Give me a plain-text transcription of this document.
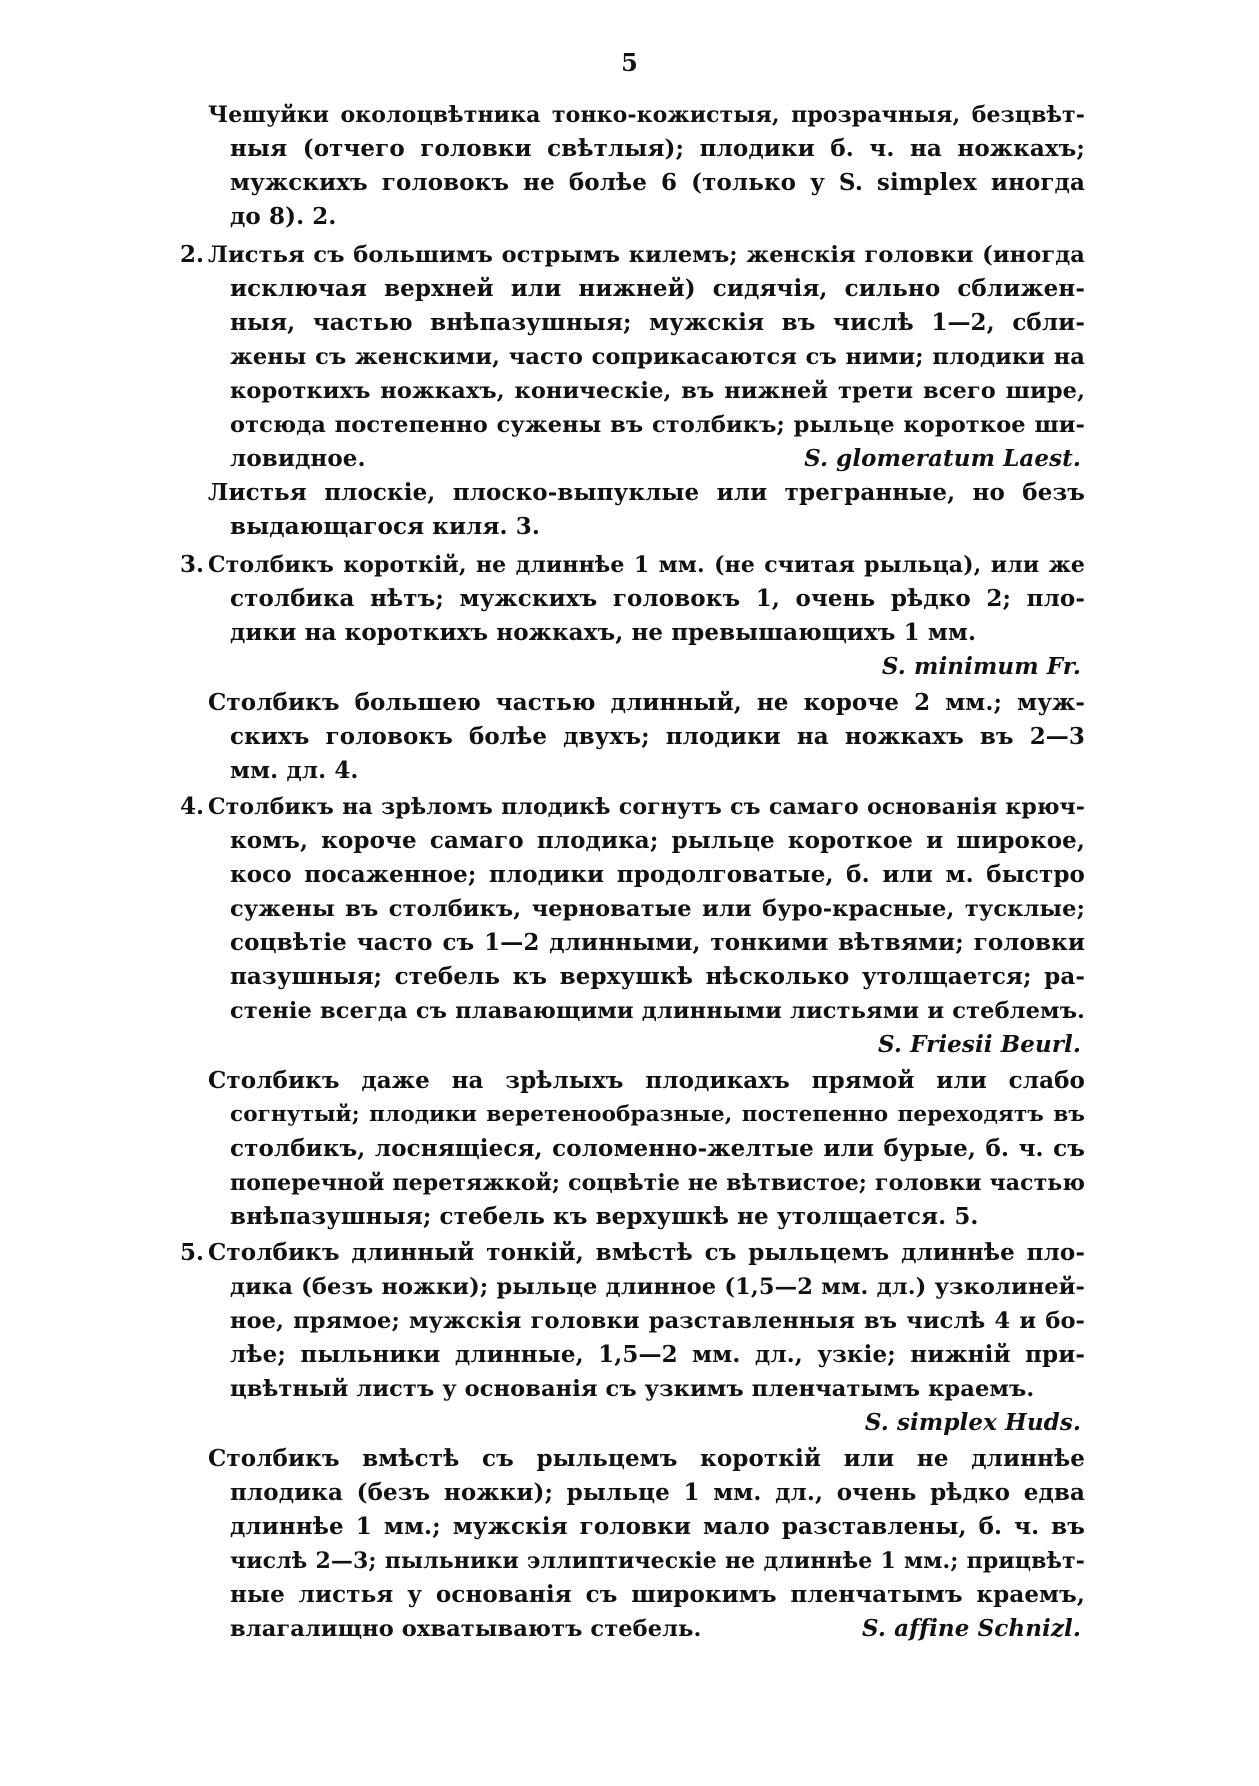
5
Чешуйки околоцвѣтника тонко-кожистыя, прозрачныя, безцвѣт-
ныя (отчего головки свѣтлыя); плодики б. ч. на ножкахъ;
мужскихъ головокъ не болѣе 6 (только у S. simplex иногда
до 8). 2.
2. Листья съ большимъ острымъ килемъ; женскія головки (иногда
исключая верхней или нижней) сидячія, сильно сближен-
ныя, частью внѣпазушныя; мужскія въ числѣ 1—2, сбли-
жены съ женскими, часто соприкасаются съ ними; плодики на
короткихъ ножкахъ, коническіе, въ нижней трети всего шире,
отсюда постепенно сужены въ столбикъ; рыльце короткое ши-
ловидное.	S. glomeratum Laest.
Листья плоскіе, плоско-выпуклые или трегранные, но безъ
выдающагося киля. 3.
3. Столбикъ короткій, не длиннѣе 1 мм. (не считая рыльца), или же
столбика нѣтъ; мужскихъ головокъ 1, очень рѣдко 2; пло-
дики на короткихъ ножкахъ, не превышающихъ 1 мм.
S. minimum Fr.
Столбикъ большею частью длинный, не короче 2 мм.; муж-
скихъ головокъ болѣе двухъ; плодики на ножкахъ въ 2—3
мм. дл. 4.
4. Столбикъ на зрѣломъ плодикѣ согнутъ съ самаго основанія крюч-
комъ, короче самаго плодика; рыльце короткое и широкое,
косо посаженное; плодики продолговатые, б. или м. быстро
сужены въ столбикъ, черноватые или буро-красные, тусклые;
соцвѣтіе часто съ 1—2 длинными, тонкими вѣтвями; головки
пазушныя; стебель къ верхушкѣ нѣсколько утолщается; ра-
стеніе всегда съ плавающими длинными листьями и стеблемъ.
S. Friesii Beurl.
Столбикъ даже на зрѣлыхъ плодикахъ прямой или слабо
согнутый; плодики веретенообразные, постепенно переходятъ въ
столбикъ, лоснящіеся, соломенно-желтые или бурые, б. ч. съ
поперечной перетяжкой; соцвѣтіе не вѣтвистое; головки частью
внѣпазушныя; стебель къ верхушкѣ не утолщается. 5.
5. Столбикъ длинный тонкій, вмѣстѣ съ рыльцемъ длиннѣе пло-
дика (безъ ножки); рыльце длинное (1,5—2 мм. дл.) узколиней-
ное, прямое; мужскія головки разставленныя въ числѣ 4 и бо-
лѣе; пыльники длинные, 1,5—2 мм. дл., узкіе; нижній при-
цвѣтный листъ у основанія съ узкимъ пленчатымъ краемъ.
S. simplex Huds.
Столбикъ вмѣстѣ съ рыльцемъ короткій или не длиннѣе
плодика (безъ ножки); рыльце 1 мм. дл., очень рѣдко едва
длиннѣе 1 мм.; мужскія головки мало разставлены, б. ч. въ
числѣ 2—3; пыльники эллиптическіе не длиннѣе 1 мм.; прицвѣт-
ные листья у основанія съ широкимъ пленчатымъ краемъ,
влагалищно охватываютъ стебель.	S. affine Schnizl.
